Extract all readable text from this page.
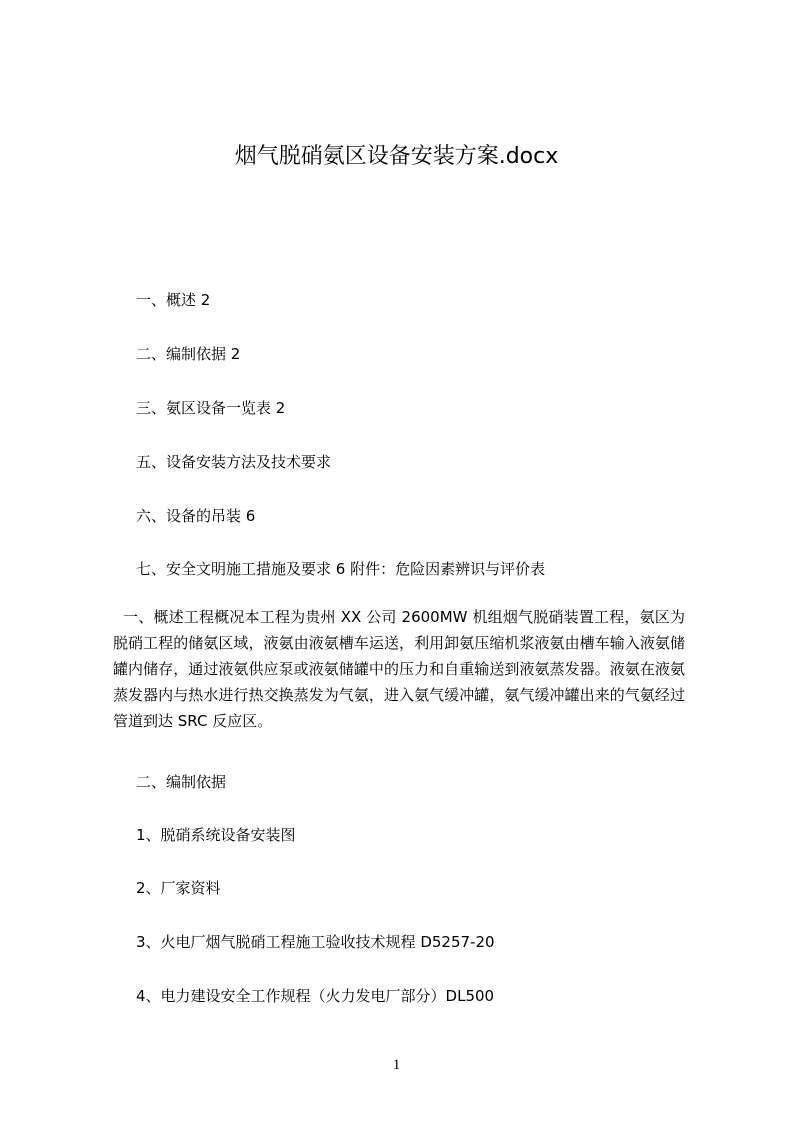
烟气脱硝氨区设备安装方案.docx
一、概述 2
二、编制依据 2
三、氨区设备一览表 2
五、设备安装方法及技术要求
六、设备的吊装 6
七、安全文明施工措施及要求 6 附件：危险因素辨识与评价表
一、概述工程概况本工程为贵州 XX 公司 2600MW 机组烟气脱硝装置工程，氨区为脱硝工程的储氨区域，液氨由液氨槽车运送，利用卸氨压缩机浆液氨由槽车输入液氨储罐内储存，通过液氨供应泵或液氨储罐中的压力和自重输送到液氨蒸发器。液氨在液氨蒸发器内与热水进行热交换蒸发为气氨，进入氨气缓冲罐，氨气缓冲罐出来的气氨经过管道到达 SRC 反应区。
二、编制依据
1、脱硝系统设备安装图
2、厂家资料
3、火电厂烟气脱硝工程施工验收技术规程 D5257-20
4、电力建设安全工作规程（火力发电厂部分）DL500
1
